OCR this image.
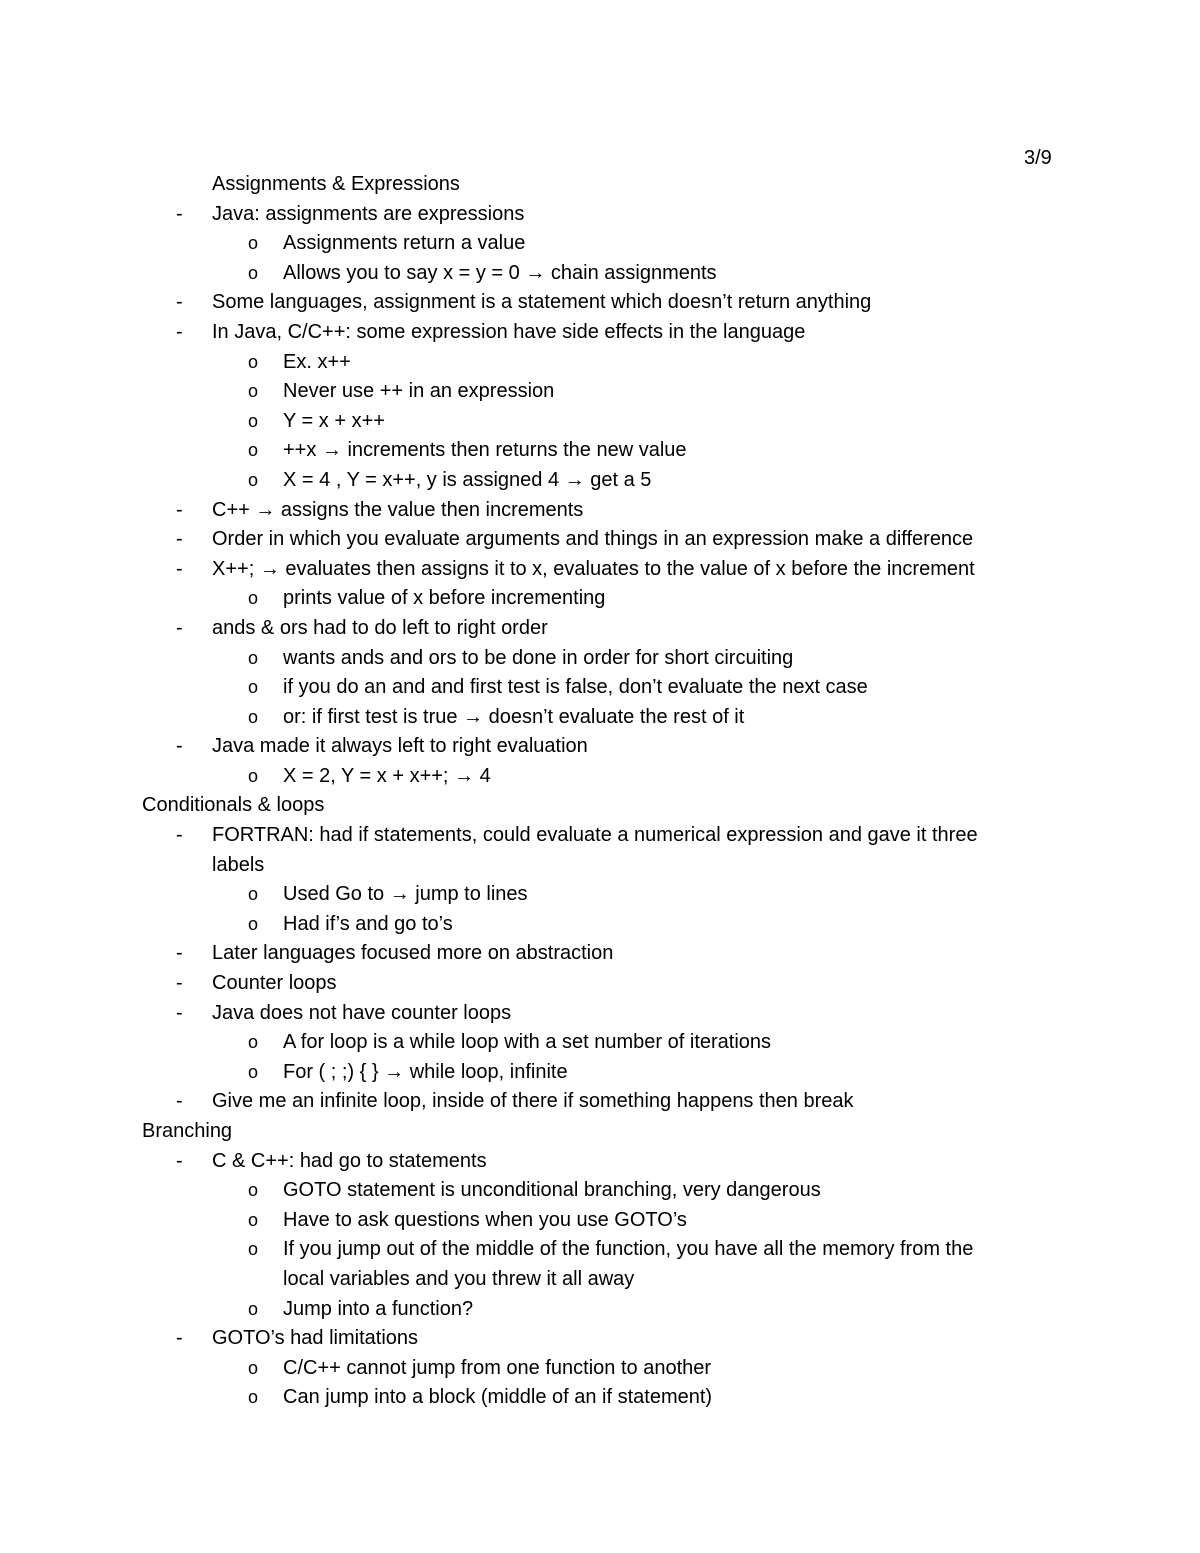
3/9
Assignments & Expressions
- Java: assignments are expressions
o Assignments return a value
o Allows you to say x = y = 0 → chain assignments
- Some languages, assignment is a statement which doesn’t return anything
- In Java, C/C++: some expression have side effects in the language
o Ex. x++
o Never use ++ in an expression
o Y = x + x++
o ++x → increments then returns the new value
o X = 4 , Y = x++, y is assigned 4 → get a 5
- C++ → assigns the value then increments
- Order in which you evaluate arguments and things in an expression make a difference
- X++; → evaluates then assigns it to x, evaluates to the value of x before the increment
o prints value of x before incrementing
- ands & ors had to do left to right order
o wants ands and ors to be done in order for short circuiting
o if you do an and and first test is false, don’t evaluate the next case
o or: if first test is true → doesn’t evaluate the rest of it
- Java made it always left to right evaluation
o X = 2, Y = x + x++; → 4
Conditionals & loops
- FORTRAN: had if statements, could evaluate a numerical expression and gave it three
labels
o Used Go to → jump to lines
o Had if’s and go to’s
- Later languages focused more on abstraction
- Counter loops
- Java does not have counter loops
o A for loop is a while loop with a set number of iterations
o For ( ; ;) { } → while loop, infinite
- Give me an infinite loop, inside of there if something happens then break
Branching
- C & C++: had go to statements
o GOTO statement is unconditional branching, very dangerous
o Have to ask questions when you use GOTO’s
o If you jump out of the middle of the function, you have all the memory from the
local variables and you threw it all away
o Jump into a function?
- GOTO’s had limitations
o C/C++ cannot jump from one function to another
o Can jump into a block (middle of an if statement)
